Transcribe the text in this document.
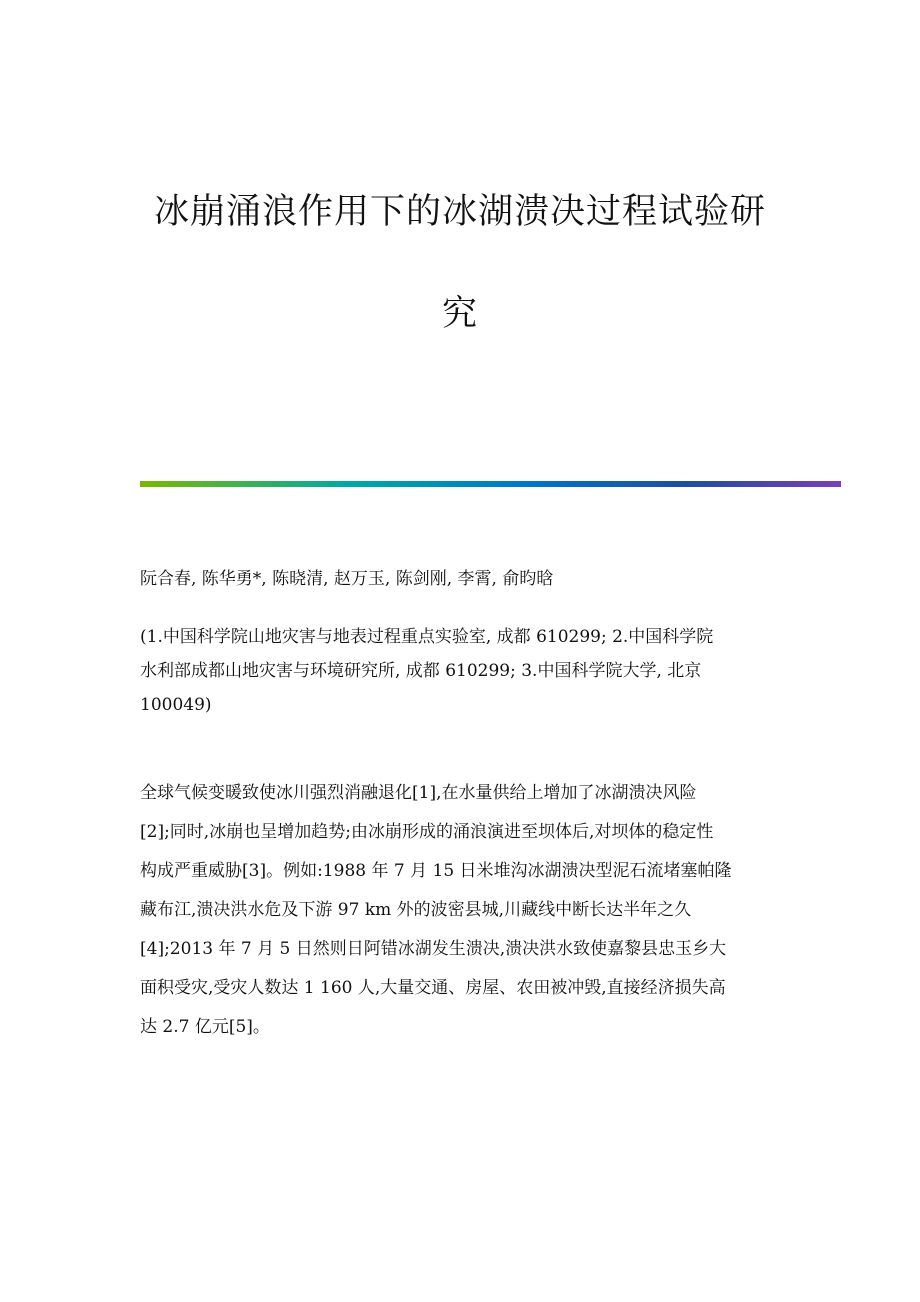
冰崩涌浪作用下的冰湖溃决过程试验研
究

阮合春, 陈华勇*, 陈晓清, 赵万玉, 陈剑刚, 李霄, 俞昀晗

(1.中国科学院山地灾害与地表过程重点实验室, 成都 610299; 2.中国科学院
水利部成都山地灾害与环境研究所, 成都 610299; 3.中国科学院大学, 北京
100049)

全球气候变暖致使冰川强烈消融退化[1],在水量供给上增加了冰湖溃决风险
[2];同时,冰崩也呈增加趋势;由冰崩形成的涌浪演进至坝体后,对坝体的稳定性
构成严重威胁[3]。例如:1988 年 7 月 15 日米堆沟冰湖溃决型泥石流堵塞帕隆
藏布江,溃决洪水危及下游 97 km 外的波密县城,川藏线中断长达半年之久
[4];2013 年 7 月 5 日然则日阿错冰湖发生溃决,溃决洪水致使嘉黎县忠玉乡大
面积受灾,受灾人数达 1 160 人,大量交通、房屋、农田被冲毁,直接经济损失高
达 2.7 亿元[5]。
